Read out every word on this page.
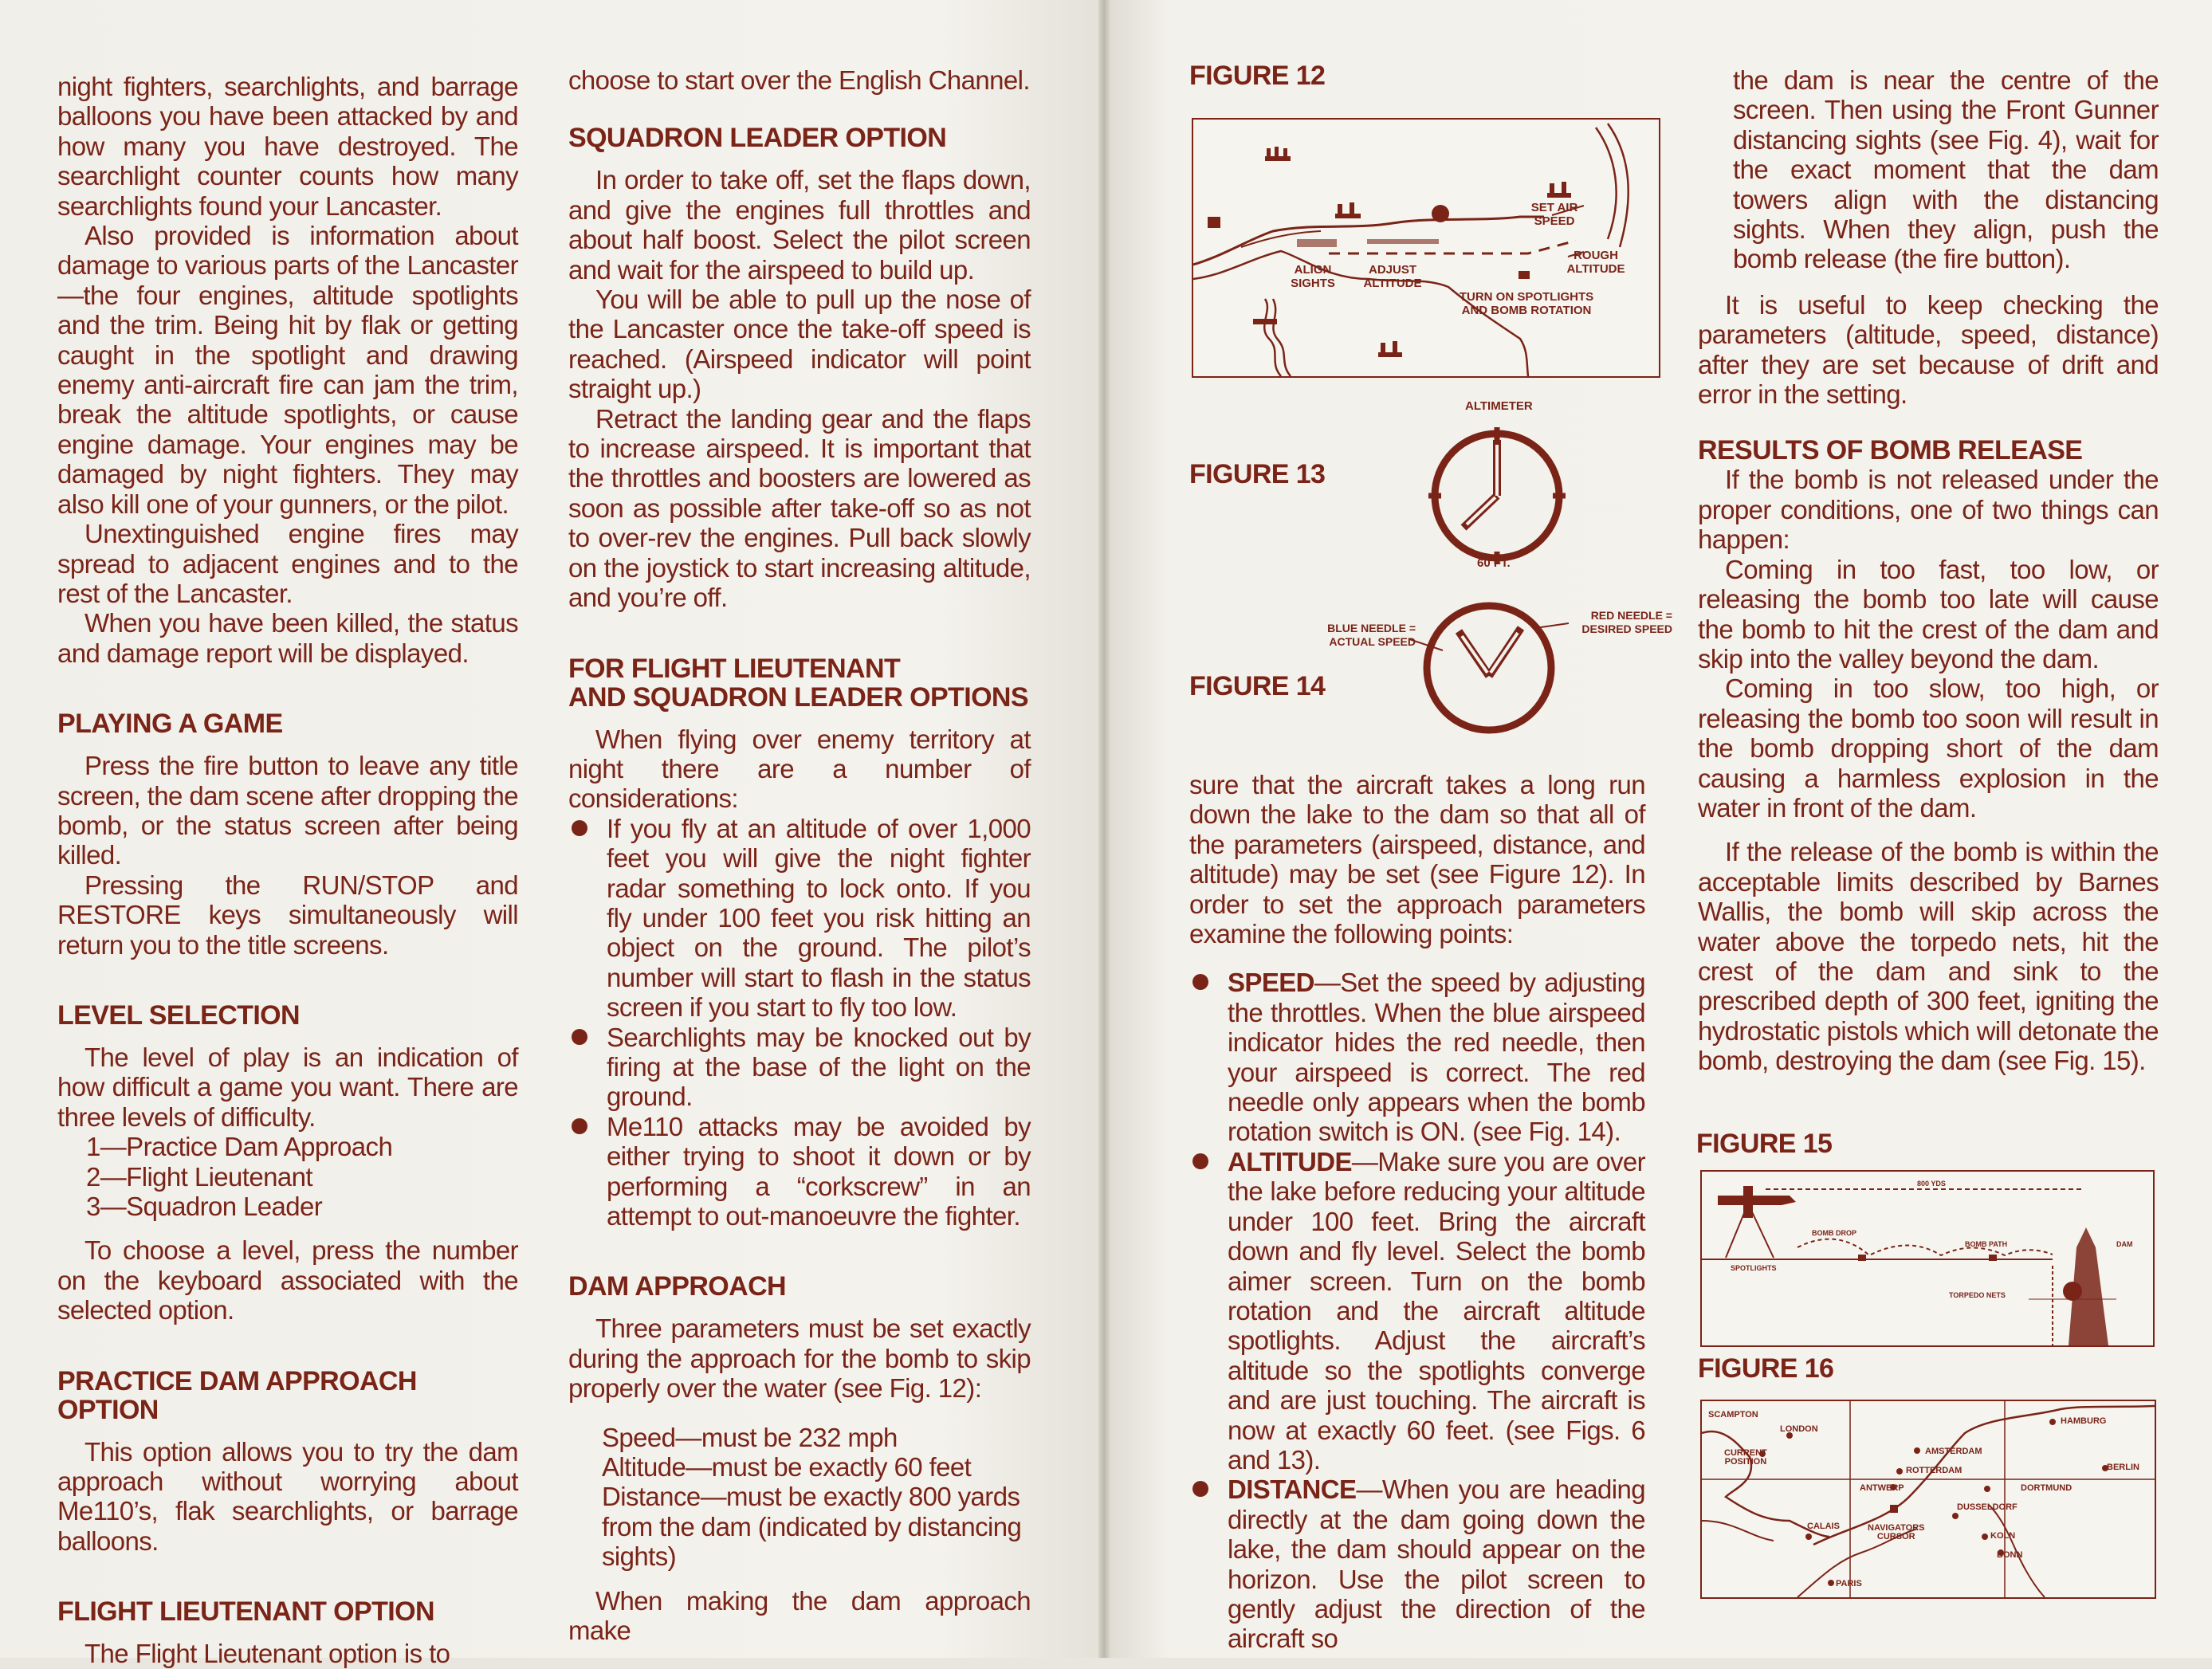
night fighters, searchlights, and barrage balloons you have been attacked by and how many you have destroyed. The searchlight counter counts how many searchlights found your Lancaster.

Also provided is information about damage to various parts of the Lancaster—the four engines, altitude spotlights and the trim. Being hit by flak or getting caught in the spotlight and drawing enemy anti-aircraft fire can jam the trim, break the altitude spotlights, or cause engine damage. Your engines may be damaged by night fighters. They may also kill one of your gunners, or the pilot.

Unextinguished engine fires may spread to adjacent engines and to the rest of the Lancaster.

When you have been killed, the status and damage report will be displayed.

PLAYING A GAME

Press the fire button to leave any title screen, the dam scene after dropping the bomb, or the status screen after being killed.

Pressing the RUN/STOP and RESTORE keys simultaneously will return you to the title screens.

LEVEL SELECTION

The level of play is an indication of how difficult a game you want. There are three levels of difficulty.

1—Practice Dam Approach
2—Flight Lieutenant
3—Squadron Leader

To choose a level, press the number on the keyboard associated with the selected option.

PRACTICE DAM APPROACH OPTION

This option allows you to try the dam approach without worrying about Me110’s, flak searchlights, or barrage balloons.

FLIGHT LIEUTENANT OPTION

The Flight Lieutenant option is to

choose to start over the English Channel.

SQUADRON LEADER OPTION

In order to take off, set the flaps down, and give the engines full throttles and about half boost. Select the pilot screen and wait for the airspeed to build up.

You will be able to pull up the nose of the Lancaster once the take-off speed is reached. (Airspeed indicator will point straight up.)

Retract the landing gear and the flaps to increase airspeed. It is important that the throttles and boosters are lowered as soon as possible after take-off so as not to over-rev the engines. Pull back slowly on the joystick to start increasing altitude, and you’re off.

FOR FLIGHT LIEUTENANT
AND SQUADRON LEADER OPTIONS

When flying over enemy territory at night there are a number of considerations:

If you fly at an altitude of over 1,000 feet you will give the night fighter radar something to lock onto. If you fly under 100 feet you risk hitting an object on the ground. The pilot’s number will start to flash in the status screen if you start to fly too low.
Searchlights may be knocked out by firing at the base of the light on the ground.
Me110 attacks may be avoided by either trying to shoot it down or by performing a “corkscrew” in an attempt to out-manoeuvre the fighter.
DAM APPROACH

Three parameters must be set exactly during the approach for the bomb to skip properly over the water (see Fig. 12):

Speed—must be 232 mph
Altitude—must be exactly 60 feet
Distance—must be exactly 800 yards from the dam (indicated by distancing sights)

When making the dam approach make

FIGURE 12
SET AIR
SPEED
ROUGH
ALTITUDE
ALIGN
SIGHTS
ADJUST
ALTITUDE
TURN ON SPOTLIGHTS
AND BOMB ROTATION
FIGURE 13
ALTIMETER
60 FT.
FIGURE 14
BLUE NEEDLE =
ACTUAL SPEED
RED NEEDLE =
DESIRED SPEED

sure that the aircraft takes a long run down the lake to the dam so that all of the parameters (airspeed, distance, and altitude) may be set (see Figure 12). In order to set the approach parameters examine the following points:

SPEED—Set the speed by adjusting the throttles. When the blue airspeed indicator hides the red needle, then your airspeed is correct. The red needle only appears when the bomb rotation switch is ON. (see Fig. 14).
ALTITUDE—Make sure you are over the lake before reducing your altitude under 100 feet. Bring the aircraft down and fly level. Select the bomb aimer screen. Turn on the bomb rotation and the aircraft altitude spotlights. Adjust the aircraft’s altitude so the spotlights converge and are just touching. The aircraft is now at exactly 60 feet. (see Figs. 6 and 13).
DISTANCE—When you are heading directly at the dam going down the lake, the dam should appear on the horizon. Use the pilot screen to gently adjust the direction of the aircraft so

the dam is near the centre of the screen. Then using the Front Gunner distancing sights (see Fig. 4), wait for the exact moment that the dam towers align with the distancing sights. When they align, push the bomb release (the fire button).

It is useful to keep checking the parameters (altitude, speed, distance) after they are set because of drift and error in the setting.

RESULTS OF BOMB RELEASE

If the bomb is not released under the proper conditions, one of two things can happen:

Coming in too fast, too low, or releasing the bomb too late will cause the bomb to hit the crest of the dam and skip into the valley beyond the dam.

Coming in too slow, too high, or releasing the bomb too soon will result in the bomb dropping short of the dam causing a harmless explosion in the water in front of the dam.

If the release of the bomb is within the acceptable limits described by Barnes Wallis, the bomb will skip across the water above the torpedo nets, hit the crest of the dam and sink to the prescribed depth of 300 feet, igniting the hydrostatic pistols which will detonate the bomb, destroying the dam (see Fig. 15).

FIGURE 15
800 YDS
BOMB DROP
BOMB PATH	DAM
SPOTLIGHTS
TORPEDO NETS
FIGURE 16
SCAMPTON
LONDON
CURRENT
POSITION
HAMBURG
AMSTERDAM
ROTTERDAM	BERLIN
ANTWERP	DORTMUND
DUSSELDORF
CALAIS	NAVIGATORS
CURSOR	KOLN
BONN
PARIS
